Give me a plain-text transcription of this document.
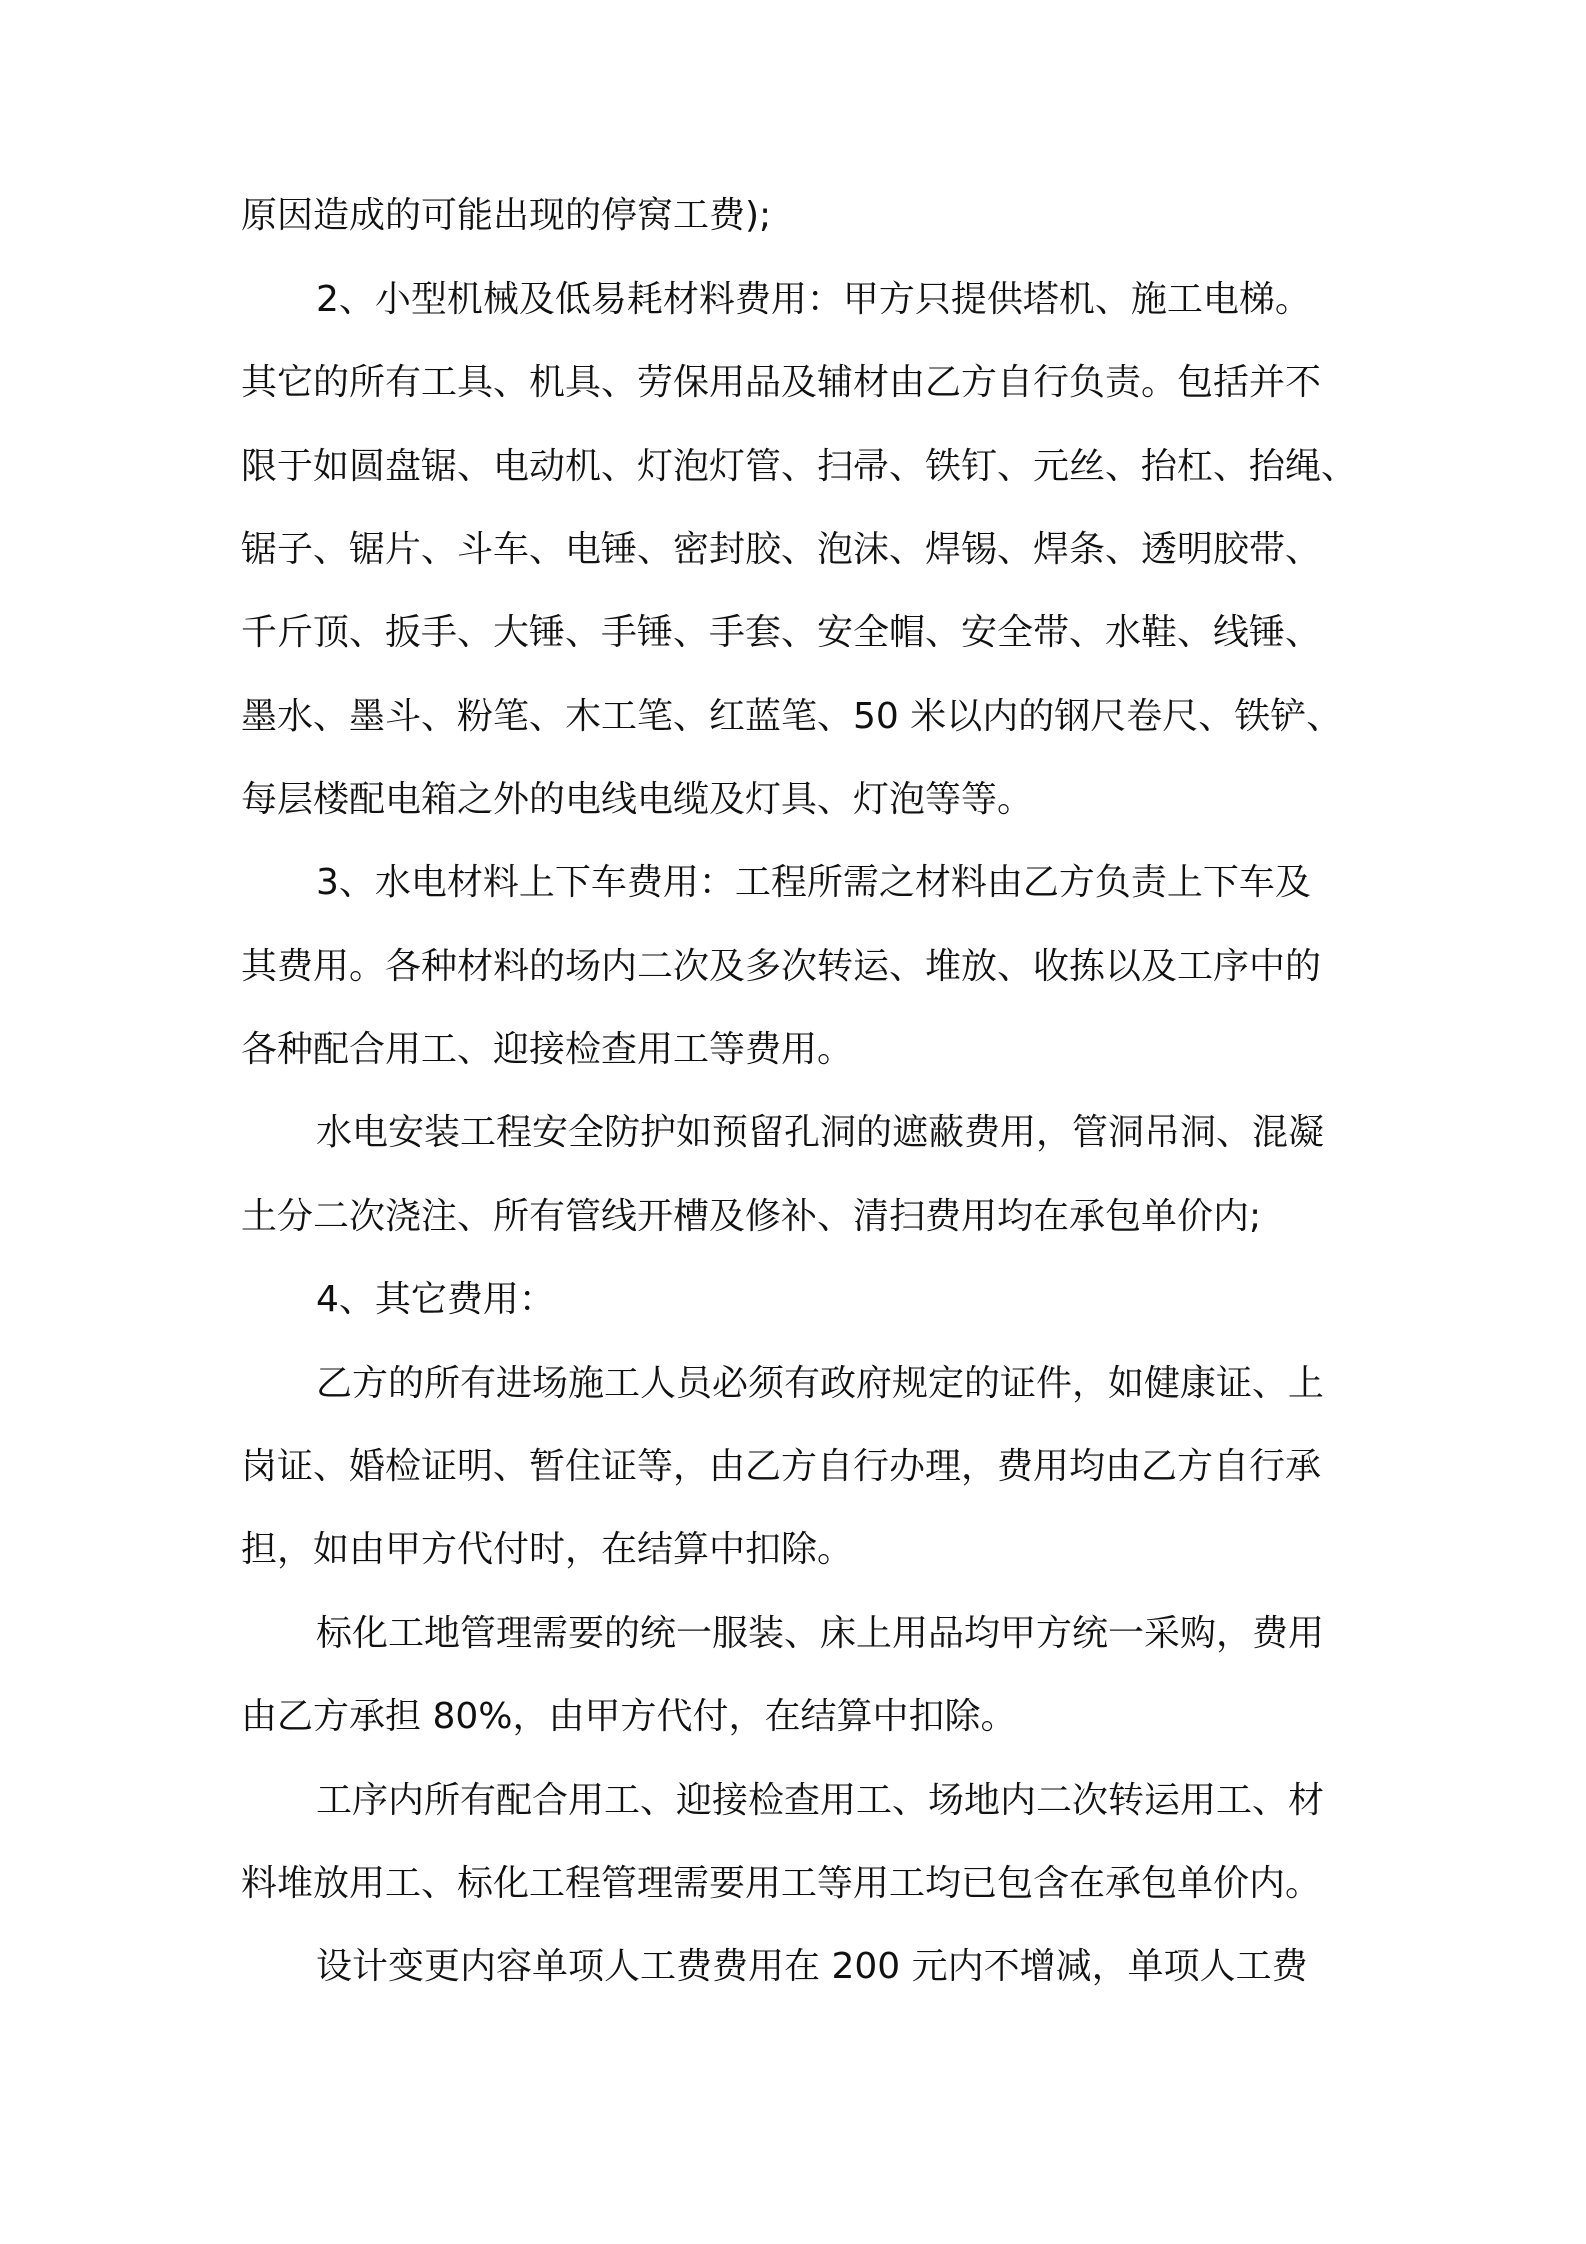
原因造成的可能出现的停窝工费);

2、小型机械及低易耗材料费用：甲方只提供塔机、施工电梯。

其它的所有工具、机具、劳保用品及辅材由乙方自行负责。包括并不

限于如圆盘锯、电动机、灯泡灯管、扫帚、铁钉、元丝、抬杠、抬绳、

锯子、锯片、斗车、电锤、密封胶、泡沫、焊锡、焊条、透明胶带、

千斤顶、扳手、大锤、手锤、手套、安全帽、安全带、水鞋、线锤、

墨水、墨斗、粉笔、木工笔、红蓝笔、50 米以内的钢尺卷尺、铁铲、

每层楼配电箱之外的电线电缆及灯具、灯泡等等。

3、水电材料上下车费用：工程所需之材料由乙方负责上下车及

其费用。各种材料的场内二次及多次转运、堆放、收拣以及工序中的

各种配合用工、迎接检查用工等费用。

水电安装工程安全防护如预留孔洞的遮蔽费用，管洞吊洞、混凝

土分二次浇注、所有管线开槽及修补、清扫费用均在承包单价内;

4、其它费用：

乙方的所有进场施工人员必须有政府规定的证件，如健康证、上

岗证、婚检证明、暂住证等，由乙方自行办理，费用均由乙方自行承

担，如由甲方代付时，在结算中扣除。

标化工地管理需要的统一服装、床上用品均甲方统一采购，费用

由乙方承担 80%，由甲方代付，在结算中扣除。

工序内所有配合用工、迎接检查用工、场地内二次转运用工、材

料堆放用工、标化工程管理需要用工等用工均已包含在承包单价内。

设计变更内容单项人工费费用在 200 元内不增减，单项人工费
